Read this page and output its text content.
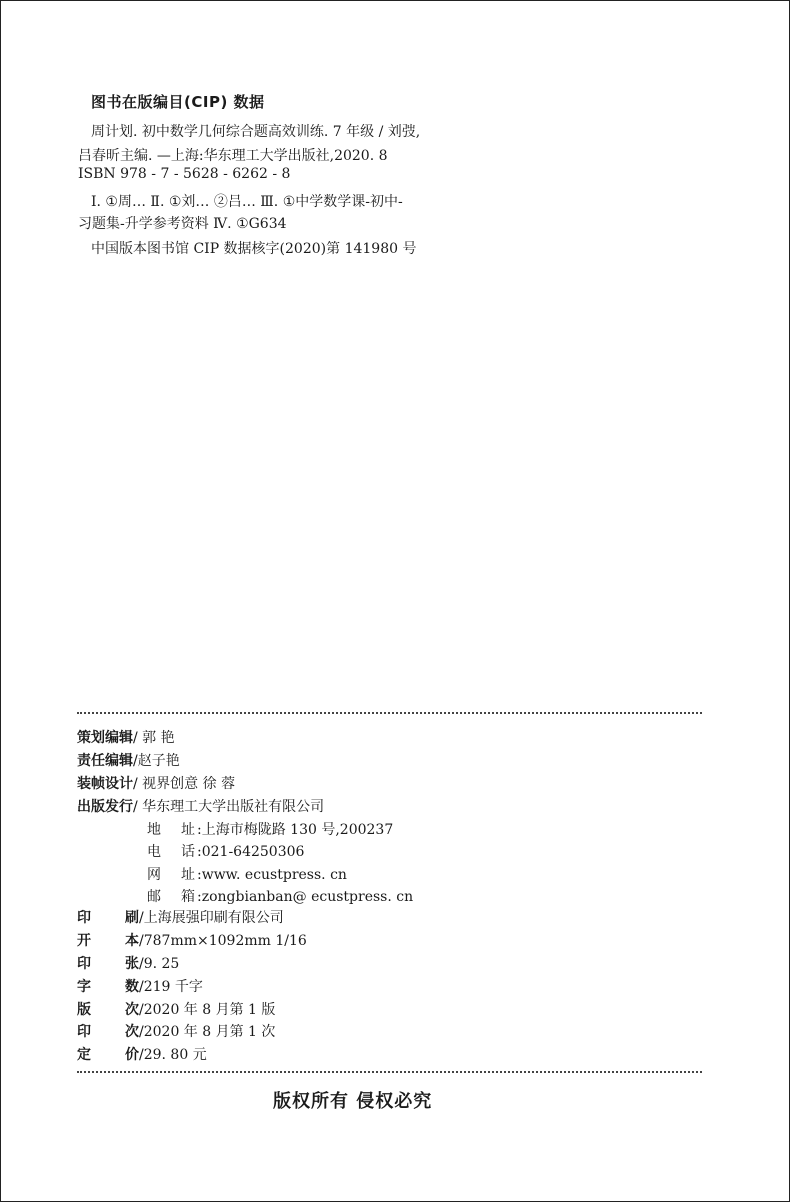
图书在版编目(CIP) 数据
周计划. 初中数学几何综合题高效训练. 7 年级 / 刘弢,
吕春昕主编. —上海:华东理工大学出版社,2020. 8
ISBN 978 - 7 - 5628 - 6262 - 8
Ⅰ. ①周… Ⅱ. ①刘… ②吕… Ⅲ. ①中学数学课-初中-
习题集-升学参考资料 Ⅳ. ①G634
中国版本图书馆 CIP 数据核字(2020)第 141980 号
策划编辑/ 郭 艳
责任编辑/赵子艳
装帧设计/ 视界创意 徐 蓉
出版发行/ 华东理工大学出版社有限公司
地 址 :上海市梅陇路 130 号,200237
电 话 :021-64250306
网 址 :www. ecustpress. cn
邮 箱 :zongbianban@ ecustpress. cn
印 刷 /上海展强印刷有限公司
开 本 /787mm×1092mm 1/16
印 张 /9. 25
字 数 /219 千字
版 次 /2020 年 8 月第 1 版
印 次 /2020 年 8 月第 1 次
定 价 /29. 80 元
版权所有 侵权必究
